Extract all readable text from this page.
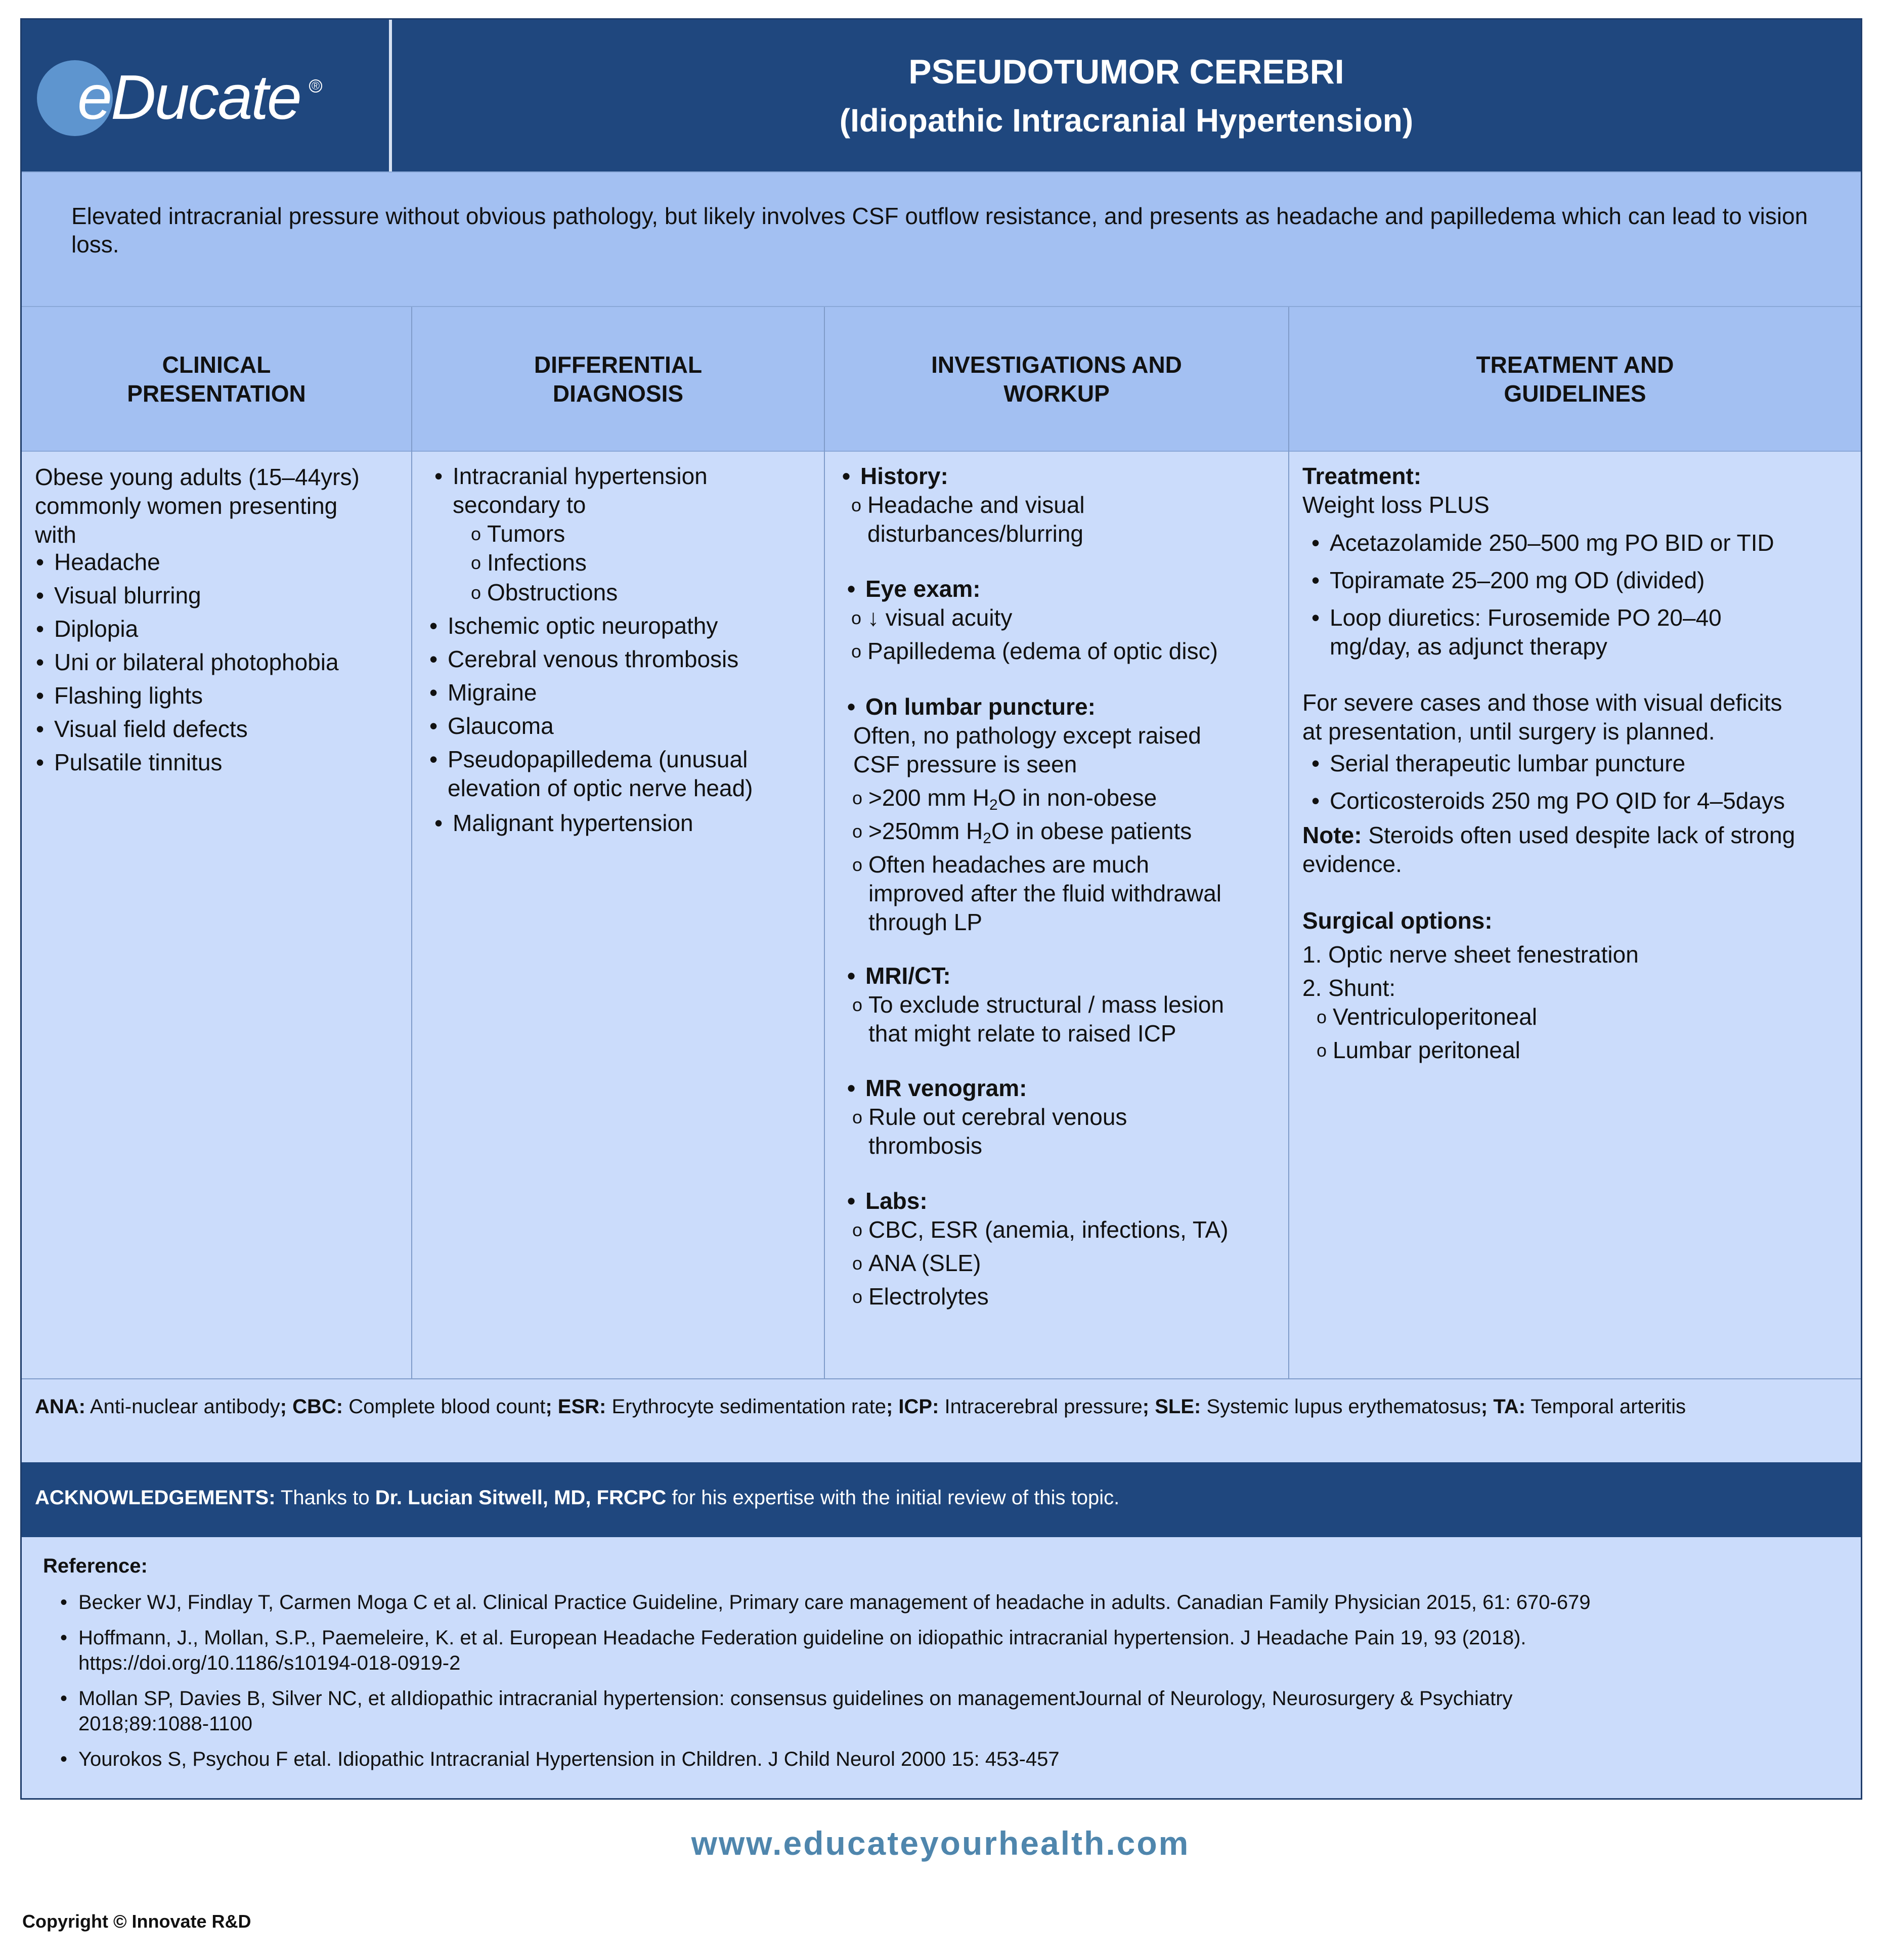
eDucate ®	PSEUDOTUMOR CEREBRI
(Idiopathic Intracranial Hypertension)

Elevated intracranial pressure without obvious pathology, but likely involves CSF outflow resistance, and presents as headache and papilledema which can lead to vision loss.

CLINICAL
PRESENTATION
DIFFERENTIAL
DIAGNOSIS
INVESTIGATIONS AND
WORKUP
TREATMENT AND
GUIDELINES
Obese young adults (15–44yrs)
commonly women presenting
with
• Headache
• Visual blurring
• Diplopia
• Uni or bilateral photophobia
• Flashing lights
• Visual field defects
• Pulsatile tinnitus
• Intracranial hypertension
secondary to
o Tumors
o Infections
o Obstructions
• Ischemic optic neuropathy
• Cerebral venous thrombosis
• Migraine
• Glaucoma
• Pseudopapilledema (unusual
elevation of optic nerve head)
• Malignant hypertension
• History:
o Headache and visual
disturbances/blurring
• Eye exam:
o ↓ visual acuity
o Papilledema (edema of optic disc)
• On lumbar puncture:
Often, no pathology except raised
CSF pressure is seen
o >200 mm $H_2O$ in non-obese
o >250mm $H_2O$ in obese patients
o Often headaches are much
improved after the fluid withdrawal
through LP
• MRI/CT:
o To exclude structural / mass lesion
that might relate to raised ICP
• MR venogram:
o Rule out cerebral venous
thrombosis
• Labs:
o CBC, ESR (anemia, infections, TA)
o ANA (SLE)
o Electrolytes
Treatment:
Weight loss PLUS
• Acetazolamide 250–500 mg PO BID or TID
• Topiramate 25–200 mg OD (divided)
• Loop diuretics: Furosemide PO 20–40
mg/day, as adjunct therapy
For severe cases and those with visual deficits
at presentation, until surgery is planned.
• Serial therapeutic lumbar puncture
• Corticosteroids 250 mg PO QID for 4–5days
Note: Steroids often used despite lack of strong
evidence.
Surgical options:
1. Optic nerve sheet fenestration
2. Shunt:
o Ventriculoperitoneal
o Lumbar peritoneal

ANA: Anti-nuclear antibody; CBC: Complete blood count; ESR: Erythrocyte sedimentation rate; ICP: Intracerebral pressure; SLE: Systemic lupus erythematosus; TA: Temporal arteritis

ACKNOWLEDGEMENTS: Thanks to Dr. Lucian Sitwell, MD, FRCPC for his expertise with the initial review of this topic.

Reference:
• Becker WJ, Findlay T, Carmen Moga C et al. Clinical Practice Guideline, Primary care management of headache in adults. Canadian Family Physician 2015, 61: 670-679
• Hoffmann, J., Mollan, S.P., Paemeleire, K. et al. European Headache Federation guideline on idiopathic intracranial hypertension. J Headache Pain 19, 93 (2018).
https://doi.org/10.1186/s10194-018-0919-2
• Mollan SP, Davies B, Silver NC, et alIdiopathic intracranial hypertension: consensus guidelines on managementJournal of Neurology, Neurosurgery & Psychiatry
2018;89:1088-1100
• Yourokos S, Psychou F etal. Idiopathic Intracranial Hypertension in Children. J Child Neurol 2000 15: 453-457
www.educateyourhealth.com
Copyright © Innovate R&D
